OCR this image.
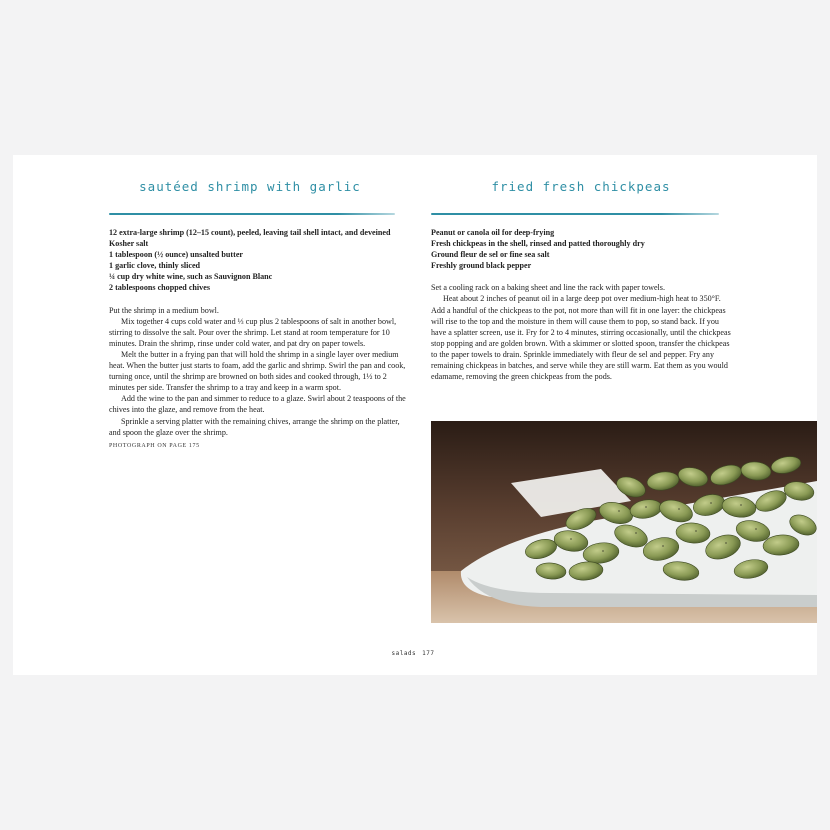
sautéed shrimp with garlic
12 extra-large shrimp (12–15 count), peeled, leaving tail shell intact, and deveined
Kosher salt
1 tablespoon (½ ounce) unsalted butter
1 garlic clove, thinly sliced
¼ cup dry white wine, such as Sauvignon Blanc
2 tablespoons chopped chives

Put the shrimp in a medium bowl.

Mix together 4 cups cold water and ⅓ cup plus 2 tablespoons of salt in another bowl, stirring to dissolve the salt. Pour over the shrimp. Let stand at room temperature for 10 minutes. Drain the shrimp, rinse under cold water, and pat dry on paper towels.

Melt the butter in a frying pan that will hold the shrimp in a single layer over medium heat. When the butter just starts to foam, add the garlic and shrimp. Swirl the pan and cook, turning once, until the shrimp are browned on both sides and cooked through, 1½ to 2 minutes per side. Transfer the shrimp to a tray and keep in a warm spot.

Add the wine to the pan and simmer to reduce to a glaze. Swirl about 2 teaspoons of the chives into the glaze, and remove from the heat.

Sprinkle a serving platter with the remaining chives, arrange the shrimp on the platter, and spoon the glaze over the shrimp.

PHOTOGRAPH ON PAGE 175
fried fresh chickpeas
Peanut or canola oil for deep-frying
Fresh chickpeas in the shell, rinsed and patted thoroughly dry
Ground fleur de sel or fine sea salt
Freshly ground black pepper

Set a cooling rack on a baking sheet and line the rack with paper towels.

Heat about 2 inches of peanut oil in a large deep pot over medium-high heat to 350°F. Add a handful of the chickpeas to the pot, not more than will fit in one layer: the chickpeas will rise to the top and the moisture in them will cause them to pop, so stand back. If you have a splatter screen, use it. Fry for 2 to 4 minutes, stirring occasionally, until the chickpeas stop popping and are golden brown. With a skimmer or slotted spoon, transfer the chickpeas to the paper towels to drain. Sprinkle immediately with fleur de sel and pepper. Fry any remaining chickpeas in batches, and serve while they are still warm. Eat them as you would edamame, removing the green chickpeas from the pods.

salads 177
